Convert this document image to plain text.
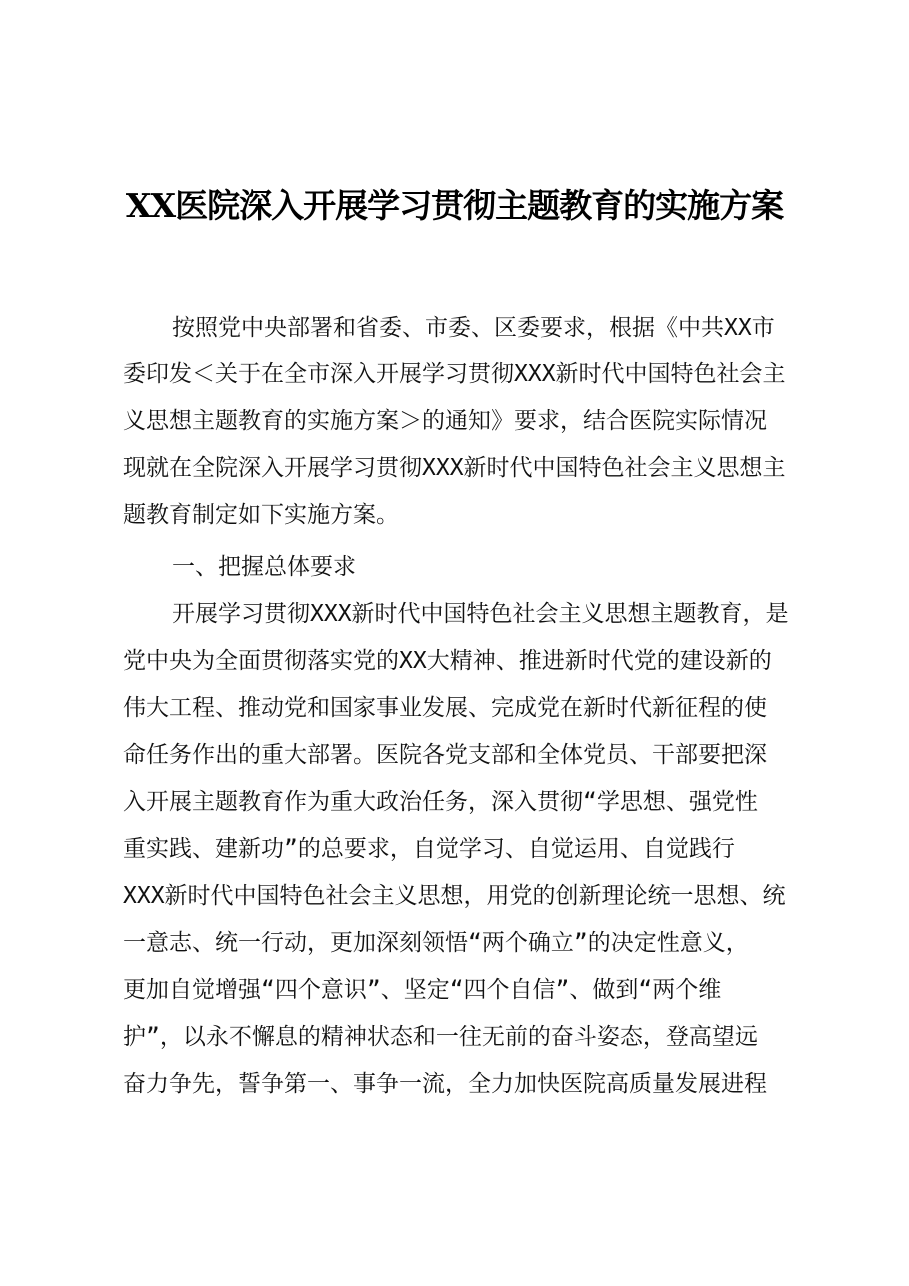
XX医院深入开展学习贯彻主题教育的实施方案
按照党中央部署和省委、市委、区委要求，根据《中共XX市
委印发＜关于在全市深入开展学习贯彻XXX新时代中国特色社会主
义思想主题教育的实施方案＞的通知》要求，结合医院实际情况
现就在全院深入开展学习贯彻XXX新时代中国特色社会主义思想主
题教育制定如下实施方案。
一、把握总体要求
开展学习贯彻XXX新时代中国特色社会主义思想主题教育，是
党中央为全面贯彻落实党的XX大精神、推进新时代党的建设新的
伟大工程、推动党和国家事业发展、完成党在新时代新征程的使
命任务作出的重大部署。医院各党支部和全体党员、干部要把深
入开展主题教育作为重大政治任务，深入贯彻“学思想、强党性
重实践、建新功”的总要求，自觉学习、自觉运用、自觉践行
XXX新时代中国特色社会主义思想，用党的创新理论统一思想、统
一意志、统一行动，更加深刻领悟“两个确立”的决定性意义，
更加自觉增强“四个意识”、坚定“四个自信”、做到“两个维
护”，以永不懈息的精神状态和一往无前的奋斗姿态，登高望远
奋力争先，誓争第一、事争一流，全力加快医院高质量发展进程
